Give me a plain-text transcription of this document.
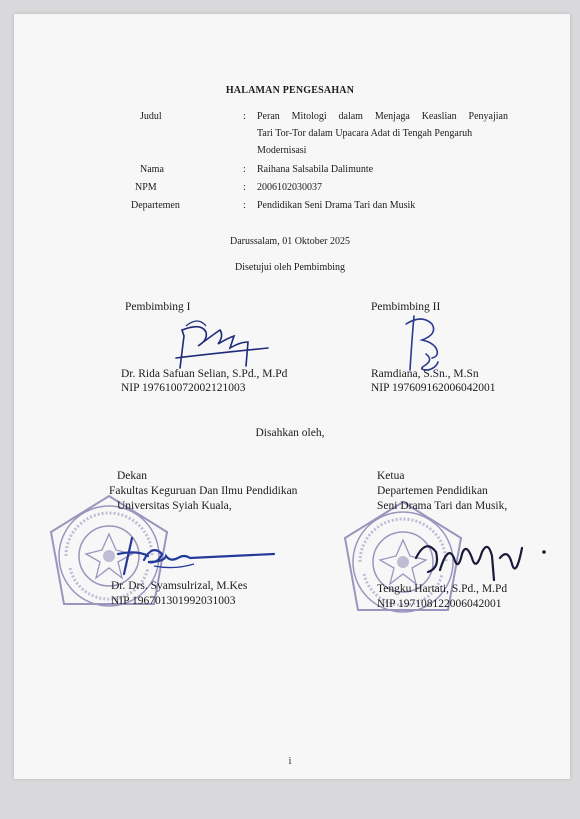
HALAMAN PENGESAHAN
Judul	: Peran Mitologi dalam Menjaga Keaslian Penyajian
Tari Tor-Tor dalam Upacara Adat di Tengah Pengaruh
Modernisasi
Nama	: Raihana Salsabila Dalimunte
NPM	: 2006102030037
Departemen	: Pendidikan Seni Drama Tari dan Musik
Darussalam, 01 Oktober 2025
Disetujui oleh Pembimbing
Pembimbing I
Dr. Rida Safuan Selian, S.Pd., M.Pd
NIP 197610072002121003
Pembimbing II
Ramdiana, S.Sn., M.Sn
NIP 197609162006042001
Disahkan oleh,
Dekan
Fakultas Keguruan Dan Ilmu Pendidikan
Universitas Syiah Kuala,
Dr. Drs. Syamsulrizal, M.Kes
NIP 196701301992031003
Ketua
Departemen Pendidikan
Seni Drama Tari dan Musik,
Tengku Hartati, S.Pd., M.Pd
NIP 197108122006042001
i
